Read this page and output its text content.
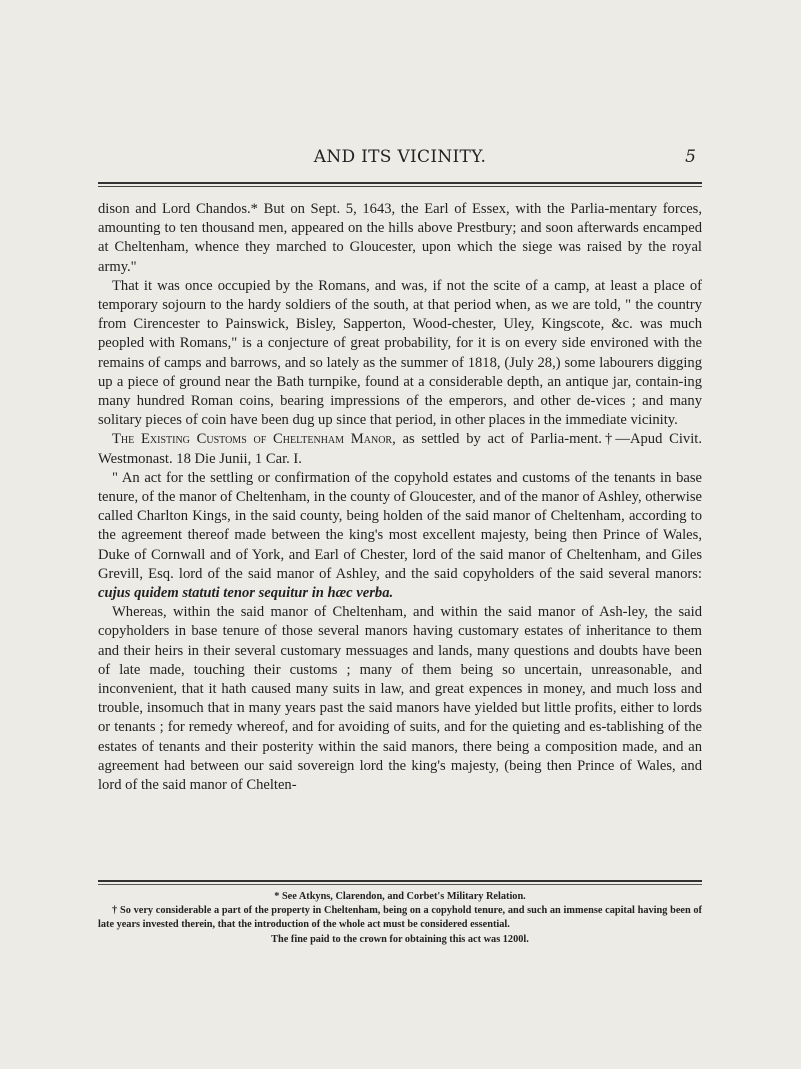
AND ITS VICINITY.	5

dison and Lord Chandos.* But on Sept. 5, 1643, the Earl of Essex, with the Parlia-mentary forces, amounting to ten thousand men, appeared on the hills above Prestbury; and soon afterwards encamped at Cheltenham, whence they marched to Gloucester, upon which the siege was raised by the royal army."

That it was once occupied by the Romans, and was, if not the scite of a camp, at least a place of temporary sojourn to the hardy soldiers of the south, at that period when, as we are told, " the country from Cirencester to Painswick, Bisley, Sapperton, Wood-chester, Uley, Kingscote, &c. was much peopled with Romans," is a conjecture of great probability, for it is on every side environed with the remains of camps and barrows, and so lately as the summer of 1818, (July 28,) some labourers digging up a piece of ground near the Bath turnpike, found at a considerable depth, an antique jar, contain-ing many hundred Roman coins, bearing impressions of the emperors, and other de-vices ; and many solitary pieces of coin have been dug up since that period, in other places in the immediate vicinity.

The Existing Customs of Cheltenham Manor, as settled by act of Parlia-ment.†—Apud Civit. Westmonast. 18 Die Junii, 1 Car. I.

" An act for the settling or confirmation of the copyhold estates and customs of the tenants in base tenure, of the manor of Cheltenham, in the county of Gloucester, and of the manor of Ashley, otherwise called Charlton Kings, in the said county, being holden of the said manor of Cheltenham, according to the agreement thereof made between the king's most excellent majesty, being then Prince of Wales, Duke of Cornwall and of York, and Earl of Chester, lord of the said manor of Cheltenham, and Giles Grevill, Esq. lord of the said manor of Ashley, and the said copyholders of the said several manors: cujus quidem statuti tenor sequitur in hæc verba.

Whereas, within the said manor of Cheltenham, and within the said manor of Ash-ley, the said copyholders in base tenure of those several manors having customary estates of inheritance to them and their heirs in their several customary messuages and lands, many questions and doubts have been of late made, touching their customs ; many of them being so uncertain, unreasonable, and inconvenient, that it hath caused many suits in law, and great expences in money, and much loss and trouble, insomuch that in many years past the said manors have yielded but little profits, either to lords or tenants ; for remedy whereof, and for avoiding of suits, and for the quieting and es-tablishing of the estates of tenants and their posterity within the said manors, there being a composition made, and an agreement had between our said sovereign lord the king's majesty, (being then Prince of Wales, and lord of the said manor of Chelten-

* See Atkyns, Clarendon, and Corbet's Military Relation.

† So very considerable a part of the property in Cheltenham, being on a copyhold tenure, and such an immense capital having been of late years invested therein, that the introduction of the whole act must be considered essential.

The fine paid to the crown for obtaining this act was 1200l.
